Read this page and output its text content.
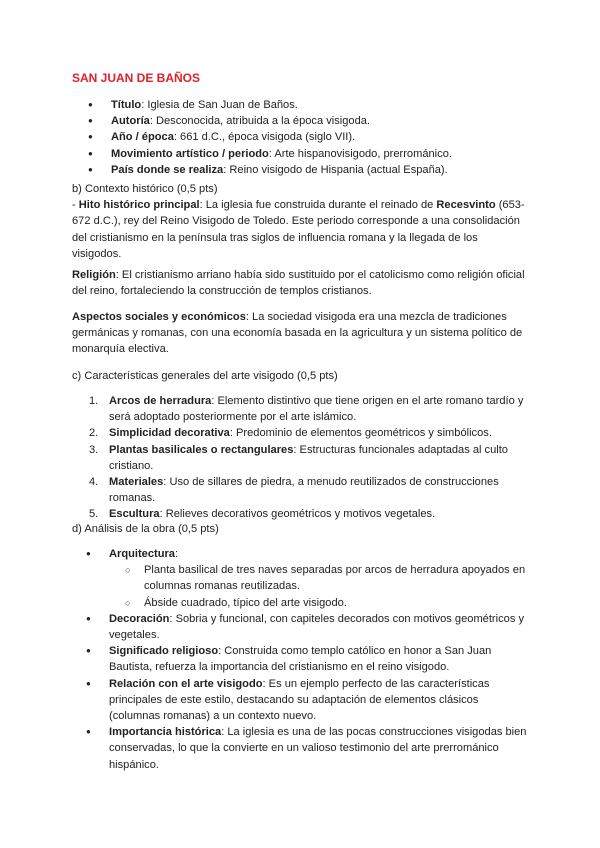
SAN JUAN DE BAÑOS
● Título: Iglesia de San Juan de Baños.
● Autoría: Desconocida, atribuida a la época visigoda.
● Año / época: 661 d.C., época visigoda (siglo VII).
● Movimiento artístico / periodo: Arte hispanovisigodo, prerrománico.
● País donde se realiza: Reino visigodo de Hispania (actual España).

b) Contexto histórico (0,5 pts)

- Hito histórico principal: La iglesia fue construida durante el reinado de Recesvinto (653-672 d.C.), rey del Reino Visigodo de Toledo. Este periodo corresponde a una consolidación del cristianismo en la península tras siglos de influencia romana y la llegada de los visigodos.

Religión: El cristianismo arriano había sido sustituido por el catolicismo como religión oficial del reino, fortaleciendo la construcción de templos cristianos.

Aspectos sociales y económicos: La sociedad visigoda era una mezcla de tradiciones germánicas y romanas, con una economía basada en la agricultura y un sistema político de monarquía electiva.

c) Características generales del arte visigodo (0,5 pts)
1. Arcos de herradura: Elemento distintivo que tiene origen en el arte romano tardío y será adoptado posteriormente por el arte islámico.
2. Simplicidad decorativa: Predominio de elementos geométricos y simbólicos.
3. Plantas basilicales o rectangulares: Estructuras funcionales adaptadas al culto cristiano.
4. Materiales: Uso de sillares de piedra, a menudo reutilizados de construcciones romanas.
5. Escultura: Relieves decorativos geométricos y motivos vegetales.
d) Análisis de la obra (0,5 pts)
● Arquitectura:
○ Planta basilical de tres naves separadas por arcos de herradura apoyados en columnas romanas reutilizadas.
○ Ábside cuadrado, típico del arte visigodo.
● Decoración: Sobria y funcional, con capiteles decorados con motivos geométricos y vegetales.
● Significado religioso: Construida como templo católico en honor a San Juan Bautista, refuerza la importancia del cristianismo en el reino visigodo.
● Relación con el arte visigodo: Es un ejemplo perfecto de las características principales de este estilo, destacando su adaptación de elementos clásicos (columnas romanas) a un contexto nuevo.
● Importancia histórica: La iglesia es una de las pocas construcciones visigodas bien conservadas, lo que la convierte en un valioso testimonio del arte prerrománico hispánico.
